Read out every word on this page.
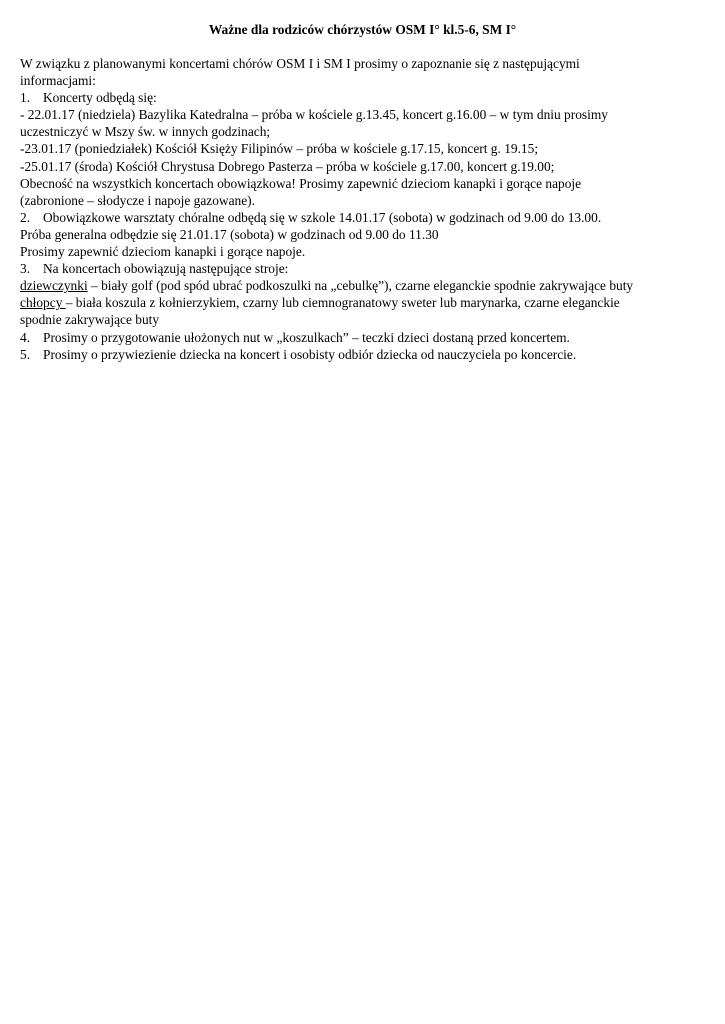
Ważne dla rodziców chórzystów OSM I° kl.5-6, SM I°
W związku z planowanymi koncertami chórów OSM I i SM I prosimy o zapoznanie się z następującymi
informacjami:
1. Koncerty odbędą się:
- 22.01.17 (niedziela) Bazylika Katedralna – próba w kościele g.13.45, koncert g.16.00 – w tym dniu prosimy
uczestniczyć w Mszy św. w innych godzinach;
-23.01.17 (poniedziałek) Kościół Księży Filipinów – próba w kościele g.17.15, koncert g. 19.15;
-25.01.17 (środa) Kościół Chrystusa Dobrego Pasterza – próba w kościele g.17.00, koncert g.19.00;
Obecność na wszystkich koncertach obowiązkowa! Prosimy zapewnić dzieciom kanapki i gorące napoje
(zabronione – słodycze i napoje gazowane).
2. Obowiązkowe warsztaty chóralne odbędą się w szkole 14.01.17 (sobota) w godzinach od 9.00 do 13.00.
Próba generalna odbędzie się 21.01.17 (sobota) w godzinach od 9.00 do 11.30
Prosimy zapewnić dzieciom kanapki i gorące napoje.
3. Na koncertach obowiązują następujące stroje:
dziewczynki – biały golf (pod spód ubrać podkoszulki na „cebulkę”), czarne eleganckie spodnie zakrywające buty
chłopcy – biała koszula z kołnierzykiem, czarny lub ciemnogranatowy sweter lub marynarka, czarne eleganckie
spodnie zakrywające buty
4. Prosimy o przygotowanie ułożonych nut w „koszulkach” – teczki dzieci dostaną przed koncertem.
5. Prosimy o przywiezienie dziecka na koncert i osobisty odbiór dziecka od nauczyciela po koncercie.
